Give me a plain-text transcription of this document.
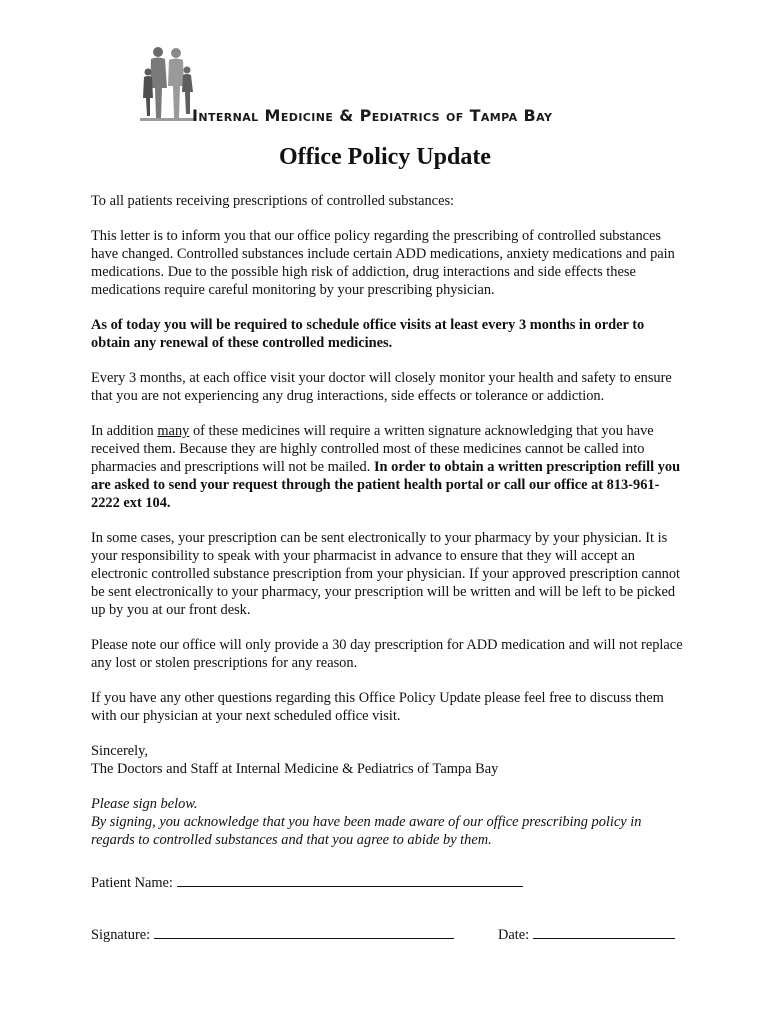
Internal Medicine & Pediatrics of Tampa Bay
Office Policy Update

To all patients receiving prescriptions of controlled substances:

This letter is to inform you that our office policy regarding the prescribing of controlled substances have changed. Controlled substances include certain ADD medications, anxiety medications and pain medications. Due to the possible high risk of addiction, drug interactions and side effects these medications require careful monitoring by your prescribing physician.

As of today you will be required to schedule office visits at least every 3 months in order to obtain any renewal of these controlled medicines.

Every 3 months, at each office visit your doctor will closely monitor your health and safety to ensure that you are not experiencing any drug interactions, side effects or tolerance or addiction.

In addition many of these medicines will require a written signature acknowledging that you have received them. Because they are highly controlled most of these medicines cannot be called into pharmacies and prescriptions will not be mailed. In order to obtain a written prescription refill you are asked to send your request through the patient health portal or call our office at 813-961-2222 ext 104.

In some cases, your prescription can be sent electronically to your pharmacy by your physician. It is your responsibility to speak with your pharmacist in advance to ensure that they will accept an electronic controlled substance prescription from your physician. If your approved prescription cannot be sent electronically to your pharmacy, your prescription will be written and will be left to be picked up by you at our front desk.

Please note our office will only provide a 30 day prescription for ADD medication and will not replace any lost or stolen prescriptions for any reason.

If you have any other questions regarding this Office Policy Update please feel free to discuss them with our physician at your next scheduled office visit.

Sincerely,
The Doctors and Staff at Internal Medicine & Pediatrics of Tampa Bay

Please sign below.
By signing, you acknowledge that you have been made aware of our office prescribing policy in regards to controlled substances and that you agree to abide by them.

Patient Name:
Signature:	Date:
